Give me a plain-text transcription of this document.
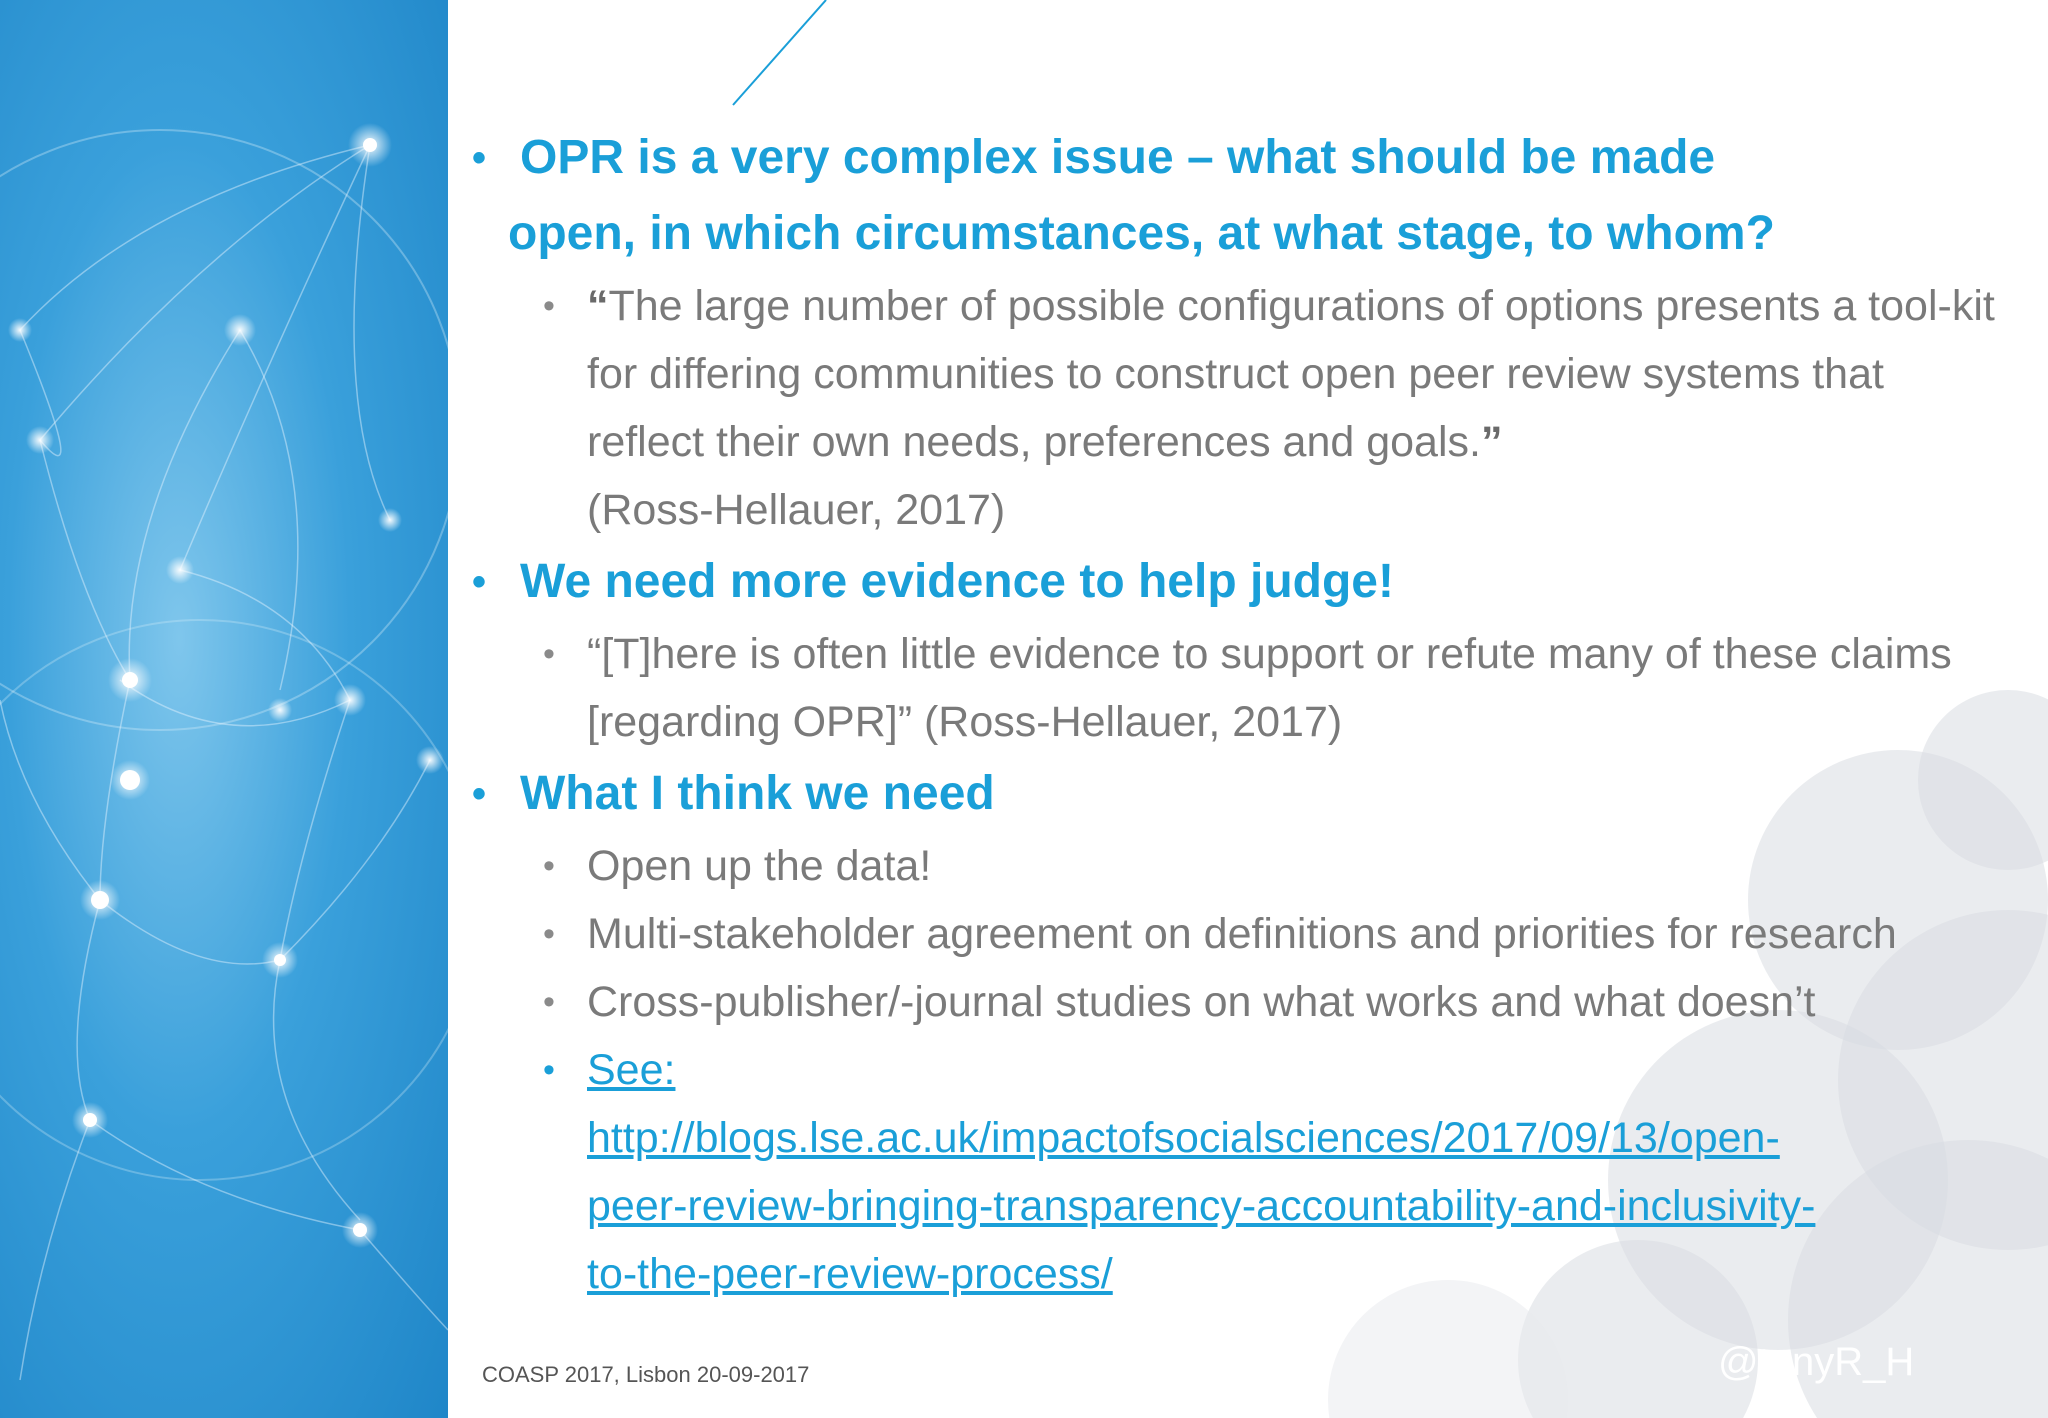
• OPR is a very complex issue – what should be made
open, in which circumstances, at what stage, to whom?
• “The large number of possible configurations of options presents a tool-kit for differing communities to construct open peer review systems that reflect their own needs, preferences and goals.”
(Ross-Hellauer, 2017)
• We need more evidence to help judge!
• “[T]here is often little evidence to support or refute many of these claims [regarding OPR]” (Ross-Hellauer, 2017)
• What I think we need
• Open up the data!
• Multi-stakeholder agreement on definitions and priorities for research
• Cross-publisher/-journal studies on what works and what doesn’t
• See:
http://blogs.lse.ac.uk/impactofsocialsciences/2017/09/13/open-
peer-review-bringing-transparency-accountability-and-inclusivity-
to-the-peer-review-process/
COASP 2017, Lisbon 20-09-2017	@tonyR_H
